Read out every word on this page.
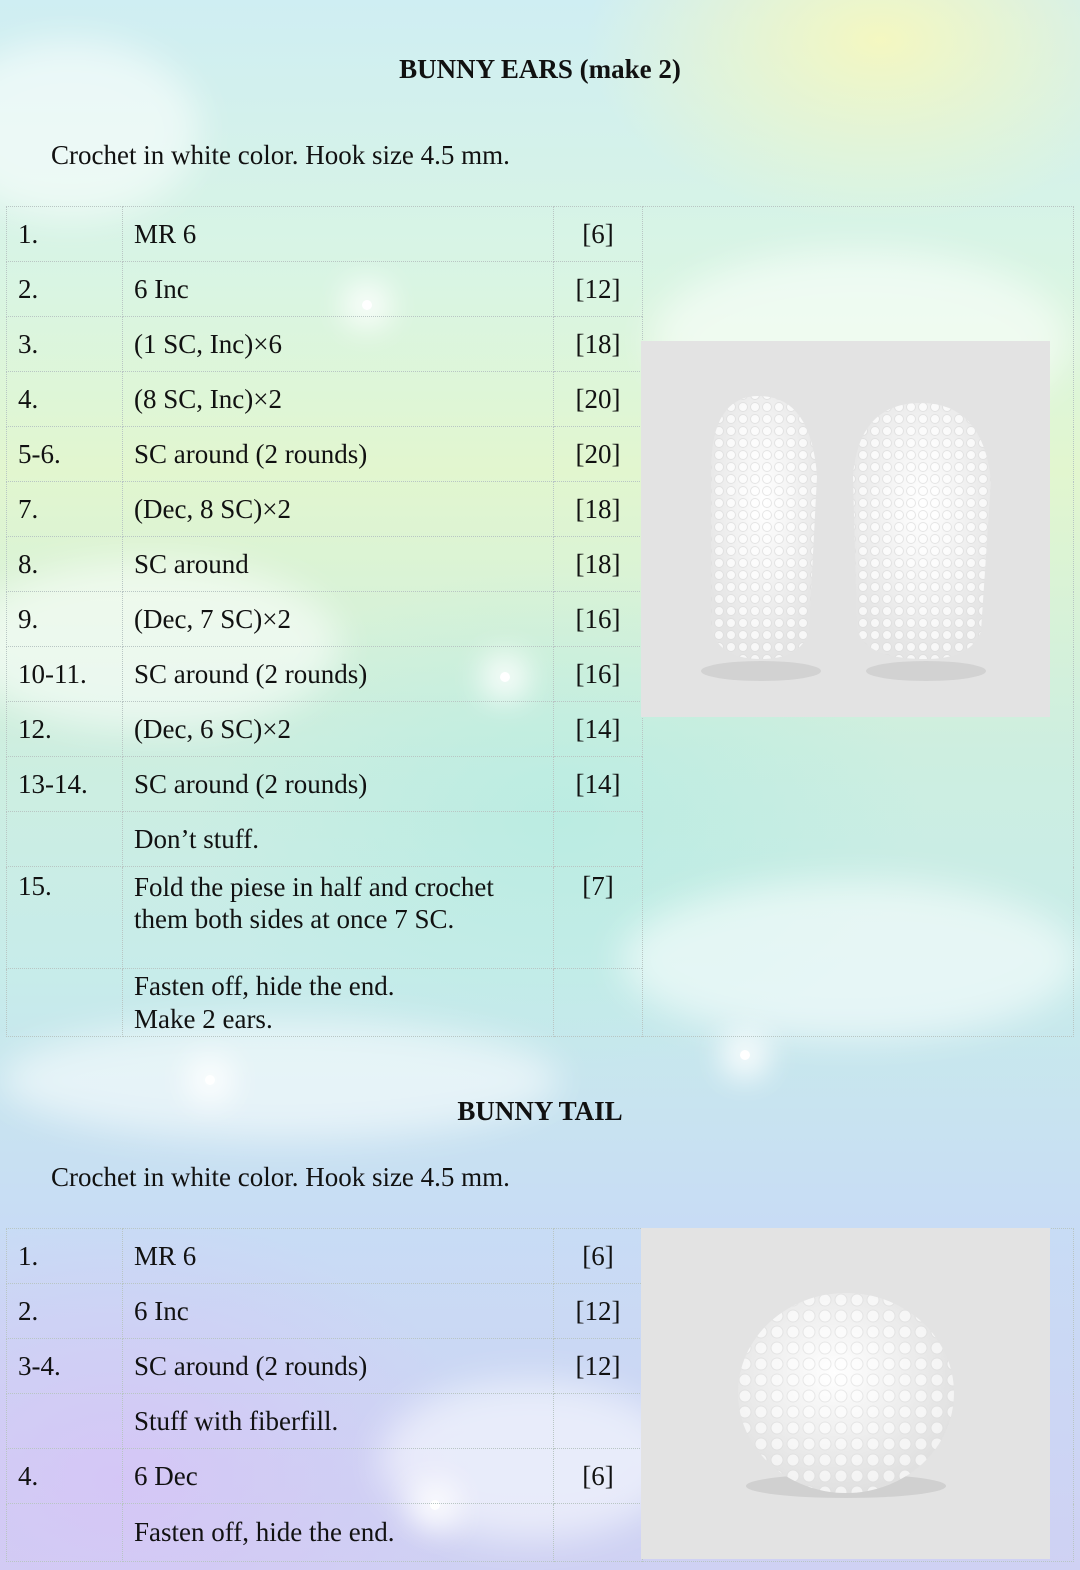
BUNNY EARS (make 2)
Crochet in white color. Hook size 4.5 mm.
1.	MR 6	[6]	
2.	6 Inc	[12]	
3.	(1 SC, Inc)×6	[18]	
4.	(8 SC, Inc)×2	[20]	
5-6.	SC around (2 rounds)	[20]	
7.	(Dec, 8 SC)×2	[18]	
8.	SC around	[18]	
9.	(Dec, 7 SC)×2	[16]	
10-11.	SC around (2 rounds)	[16]	
12.	(Dec, 6 SC)×2	[14]	
13-14.	SC around (2 rounds)	[14]	
	Don’t stuff.		
15.	Fold the piese in half and crochet them both sides at once 7 SC.	[7]	
	Fasten off, hide the end.
Make 2 ears.		
BUNNY TAIL
Crochet in white color. Hook size 4.5 mm.
1.	MR 6	[6]	
2.	6 Inc	[12]	
3-4.	SC around (2 rounds)	[12]	
	Stuff with fiberfill.		
4.	6 Dec	[6]	
	Fasten off, hide the end.		
